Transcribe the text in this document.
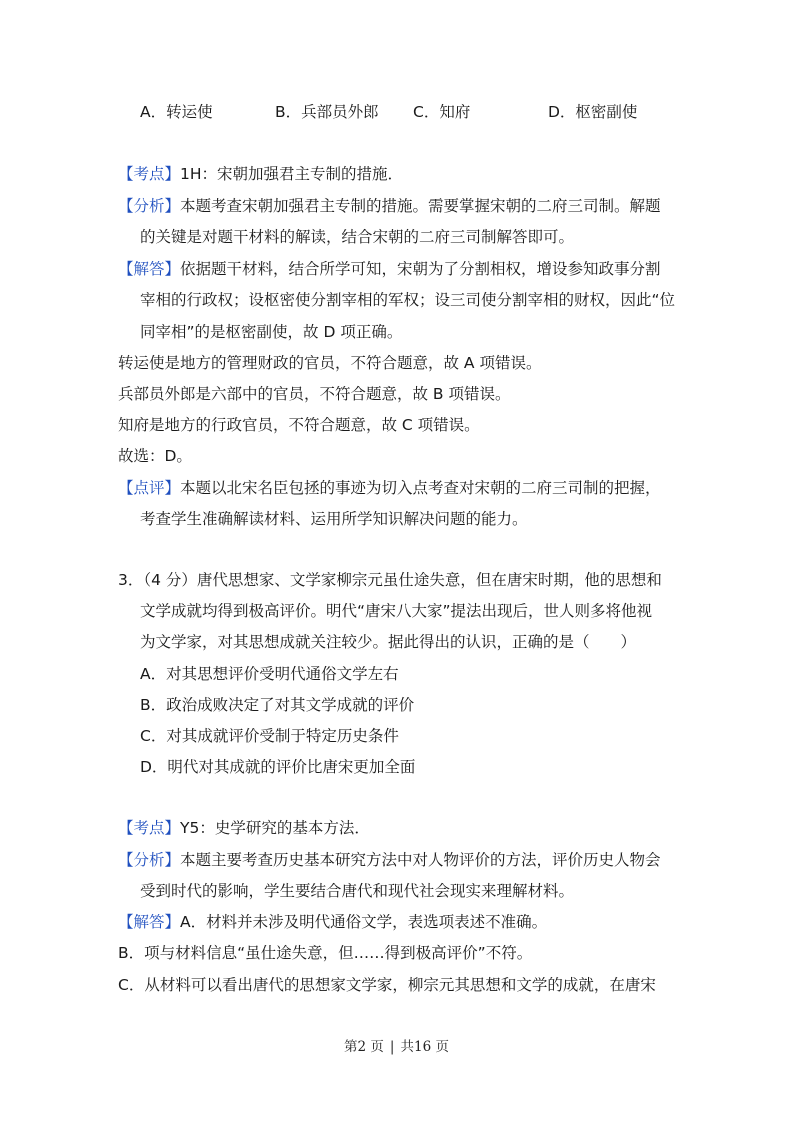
A．转运使	B．兵部员外郎 C．知府	D．枢密副使
【考点】1H：宋朝加强君主专制的措施．
【分析】本题考查宋朝加强君主专制的措施。需要掌握宋朝的二府三司制。解题
的关键是对题干材料的解读，结合宋朝的二府三司制解答即可。
【解答】依据题干材料，结合所学可知，宋朝为了分割相权，增设参知政事分割
宰相的行政权；设枢密使分割宰相的军权；设三司使分割宰相的财权，因此“位
同宰相”的是枢密副使，故 D 项正确。
转运使是地方的管理财政的官员，不符合题意，故 A 项错误。
兵部员外郎是六部中的官员，不符合题意，故 B 项错误。
知府是地方的行政官员，不符合题意，故 C 项错误。
故选：D。
【点评】本题以北宋名臣包拯的事迹为切入点考查对宋朝的二府三司制的把握，
考查学生准确解读材料、运用所学知识解决问题的能力。
3．（4 分）唐代思想家、文学家柳宗元虽仕途失意，但在唐宋时期，他的思想和
文学成就均得到极高评价。明代“唐宋八大家”提法出现后，世人则多将他视
为文学家，对其思想成就关注较少。据此得出的认识，正确的是（　　）
A．对其思想评价受明代通俗文学左右
B．政治成败决定了对其文学成就的评价
C．对其成就评价受制于特定历史条件
D．明代对其成就的评价比唐宋更加全面
【考点】Y5：史学研究的基本方法．
【分析】本题主要考查历史基本研究方法中对人物评价的方法，评价历史人物会
受到时代的影响，学生要结合唐代和现代社会现实来理解材料。
【解答】A．材料并未涉及明代通俗文学，表选项表述不准确。
B．项与材料信息“虽仕途失意，但……得到极高评价”不符。
C．从材料可以看出唐代的思想家文学家，柳宗元其思想和文学的成就，在唐宋
第2 页 | 共16 页
